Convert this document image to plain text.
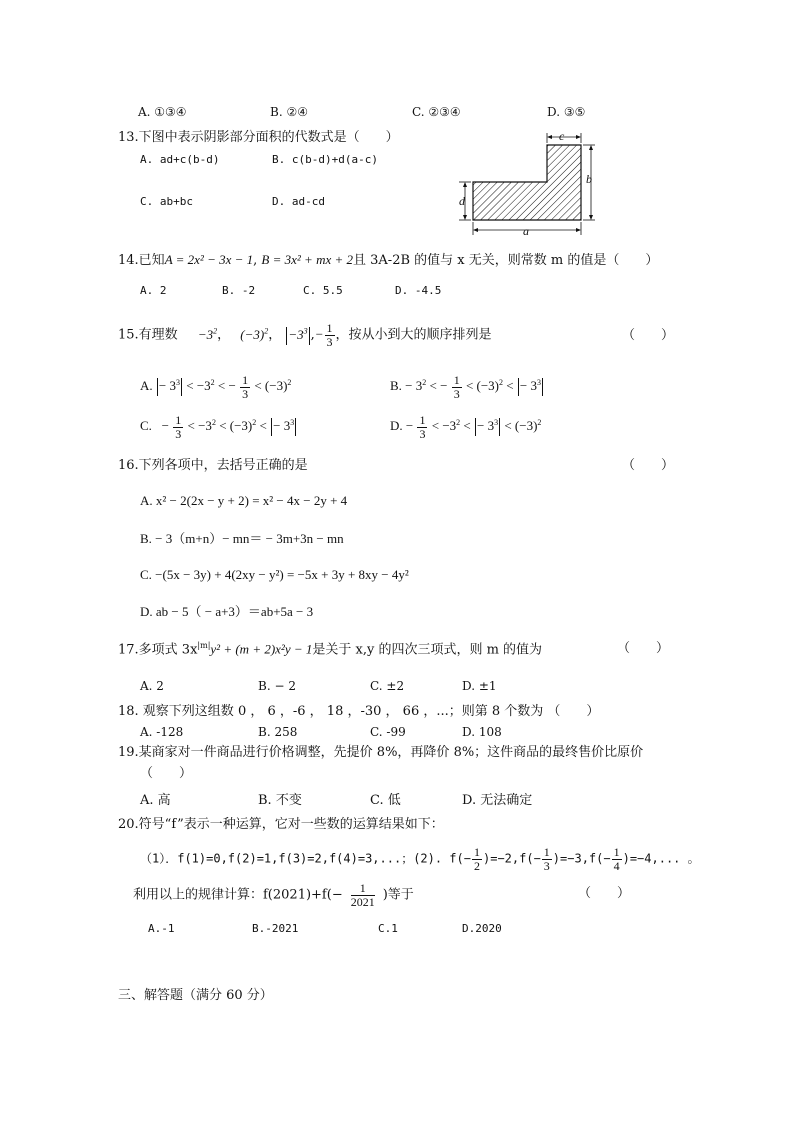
A. ①③④	B. ②④	C. ②③④	D. ③⑤
13.下图中表示阴影部分面积的代数式是（　　）
A. ad+c(b-d)	B. c(b-d)+d(a-c)
C. ab+bc	D. ad-cd
c
b
d
a
14.已知A = 2x² − 3x − 1, B = 3x² + mx + 2且 3A-2B 的值与 x 无关，则常数 m 的值是（　　）
A. 2	B. -2	C. 5.5	D. -4.5
15.有理数 $-3^2$， $(-3)^2$， $-3^3$ ,− $\frac{1}{3}$ ，按从小到大的顺序排列是	（　　）
A. − $3^3 < -3^2$ < − $\frac{1}{3} < (-3)^2$	B. − $3^2$ < − $\frac{1}{3} < (-3)^2$ < − $3^3$
C.   − $\frac{1}{3} < -3^2 < (-3)^2$ < − $3^3$	D. − $\frac{1}{3} < -3^2$ < − $3^3 < (-3)^2$
16.下列各项中，去括号正确的是	（　　）
A. x² − 2(2x − y + 2) = x² − 4x − 2y + 4
B. − 3（m+n）− mn＝ − 3m+3n − mn
C. −(5x − 3y) + 4(2xy − y²) = −5x + 3y + 8xy − 4y²
D. ab − 5（ − a+3）＝ab+5a − 3
17.多项式 $3x^{|m|}y^2 + (m + 2)x^2y - 1$是关于 x,y 的四次三项式，则 m 的值为	（　　）
A. 2	B. − 2	C. ±2	D. ±1
18. 观察下列这组数 0 ， 6 ，-6 ， 18 ，-30 ， 66 ，...；则第 8 个数为 （　　）
A. -128	B. 258	C. -99	D. 108
19.某商家对一件商品进行价格调整，先提价 8%，再降价 8%；这件商品的最终售价比原价
（　　）
A. 高	B. 不变	C. 低	D. 无法确定
20.符号“f”表示一种运算，它对一些数的运算结果如下：
（1）．f(1)=0,f(2)=1,f(3)=2,f(4)=3,...；(2). $f(- \frac{1}{2} )=-2,f(- \frac{1}{3} )=-3,f(- \frac{1}{4} )=-4$,... 。
利用以上的规律计算：$f(2021)+f(- \frac{1}{2021}$ )等于	（　　）
A.-1	B.-2021	C.1	D.2020
三、解答题（满分 60 分）
